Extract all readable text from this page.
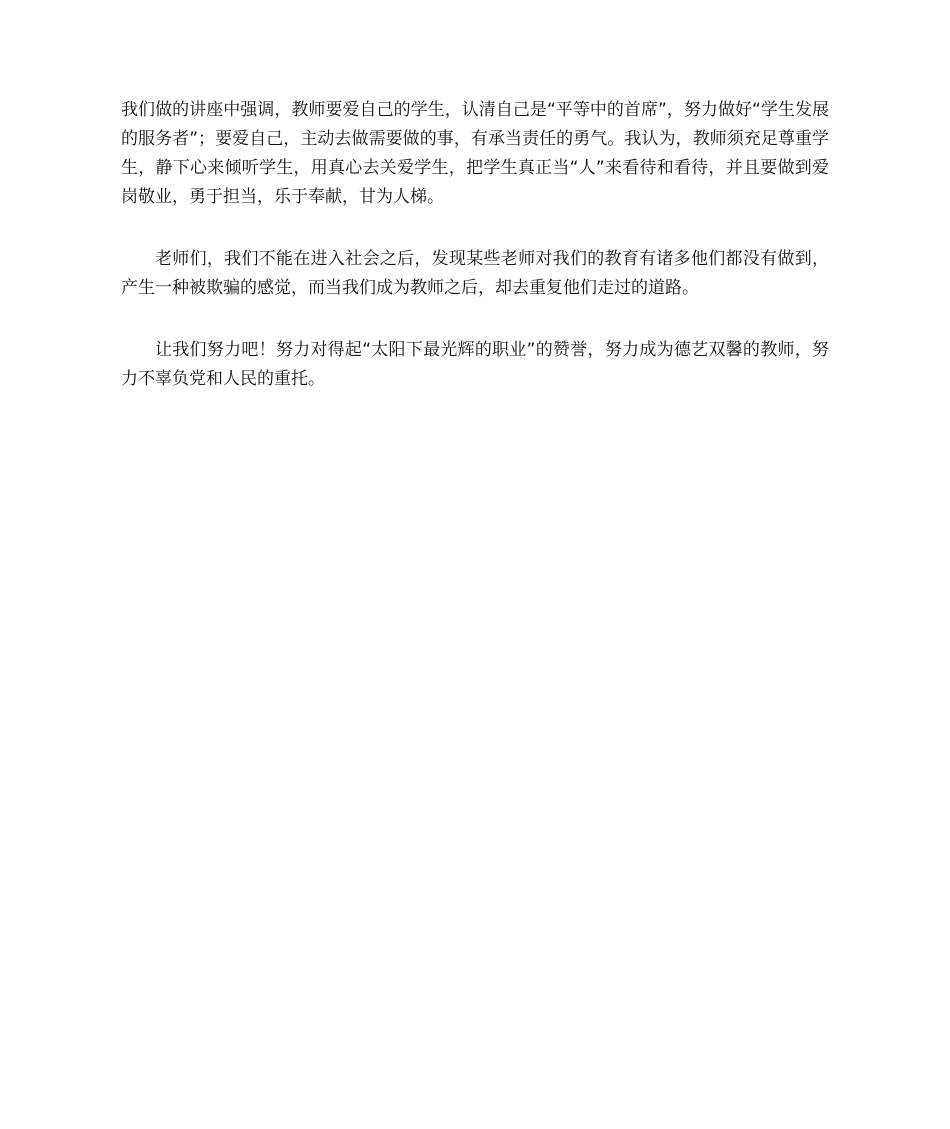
我们做的讲座中强调，教师要爱自己的学生，认清自己是“平等中的首席”，努力做好“学生发展的服务者”；要爱自己，主动去做需要做的事，有承当责任的勇气。我认为，教师须充足尊重学生，静下心来倾听学生，用真心去关爱学生，把学生真正当“人”来看待和看待，并且要做到爱岗敬业，勇于担当，乐于奉献，甘为人梯。

老师们，我们不能在进入社会之后，发现某些老师对我们的教育有诸多他们都没有做到，产生一种被欺骗的感觉，而当我们成为教师之后，却去重复他们走过的道路。

让我们努力吧！努力对得起“太阳下最光辉的职业”的赞誉，努力成为德艺双馨的教师，努力不辜负党和人民的重托。
